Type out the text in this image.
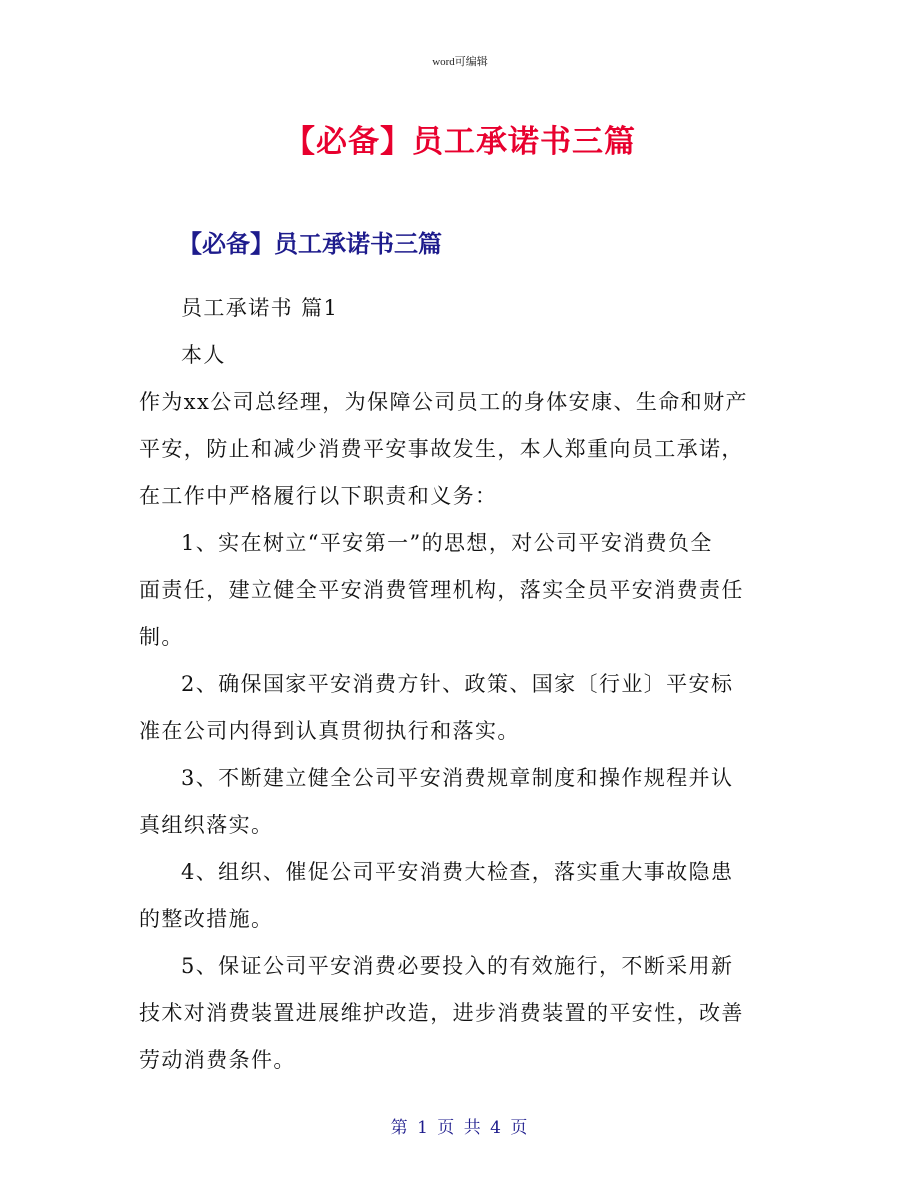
word可编辑
【必备】员工承诺书三篇
【必备】员工承诺书三篇
员工承诺书 篇1
本人
作为xx公司总经理，为保障公司员工的身体安康、生命和财产
平安，防止和减少消费平安事故发生，本人郑重向员工承诺，
在工作中严格履行以下职责和义务：
1、实在树立“平安第一”的思想，对公司平安消费负全
面责任，建立健全平安消费管理机构，落实全员平安消费责任
制。
2、确保国家平安消费方针、政策、国家〔行业〕平安标
准在公司内得到认真贯彻执行和落实。
3、不断建立健全公司平安消费规章制度和操作规程并认
真组织落实。
4、组织、催促公司平安消费大检查，落实重大事故隐患
的整改措施。
5、保证公司平安消费必要投入的有效施行，不断采用新
技术对消费装置进展维护改造，进步消费装置的平安性，改善
劳动消费条件。
第 1 页 共 4 页
